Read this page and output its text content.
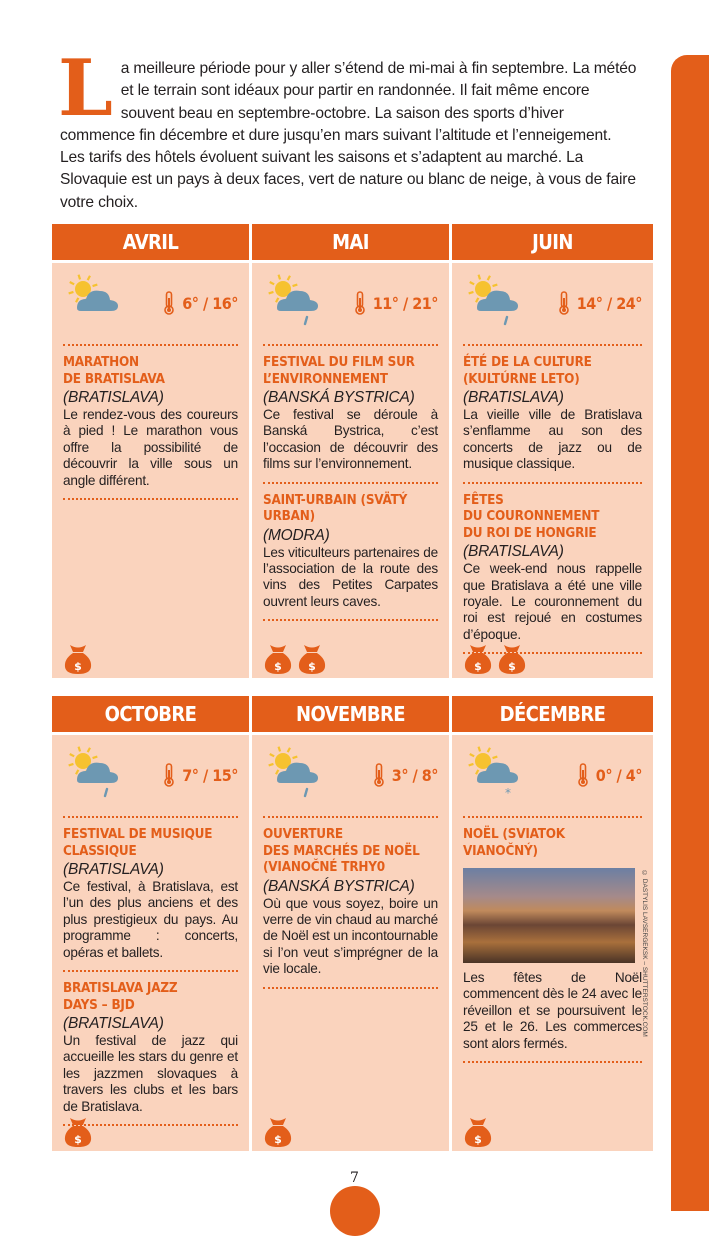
La meilleure période pour y aller s’étend de mi-mai à fin septembre. La météo et le terrain sont idéaux pour partir en randonnée. Il fait même encore souvent beau en septembre-octobre. La saison des sports d’hiver commence fin décembre et dure jusqu’en mars suivant l’altitude et l’enneigement. Les tarifs des hôtels évoluent suivant les saisons et s’adaptent au marché. La Slovaquie est un pays à deux faces, vert de nature ou blanc de neige, à vous de faire votre choix.

AVRIL
6° / 16°
MARATHON
DE BRATISLAVA
(BRATISLAVA)
Le rendez-vous des coureurs à pied ! Le marathon vous offre la possibilité de découvrir la ville sous un angle différent.
$
MAI
11° / 21°
FESTIVAL DU FILM SUR
L’ENVIRONNEMENT
(BANSKÁ BYSTRICA)
Ce festival se déroule à Banská Bystrica, c’est l’occasion de découvrir des films sur l’environnement.
SAINT-URBAIN (SVÄTÝ
URBAN)
(MODRA)
Les viticulteurs partenaires de l’association de la route des vins des Petites Carpates ouvrent leurs caves.
$ $
JUIN
14° / 24°
ÉTÉ DE LA CULTURE
(KULTÚRNE LETO)
(BRATISLAVA)
La vieille ville de Bratislava s’enflamme au son des concerts de jazz ou de musique classique.
FÊTES
DU COURONNEMENT
DU ROI DE HONGRIE
(BRATISLAVA)
Ce week-end nous rappelle que Bratislava a été une ville royale. Le couronnement du roi est rejoué en costumes d’époque.
$ $
OCTOBRE
7° / 15°
FESTIVAL DE MUSIQUE
CLASSIQUE
(BRATISLAVA)
Ce festival, à Bratislava, est l’un des plus anciens et des plus prestigieux du pays. Au programme : concerts, opéras et ballets.
BRATISLAVA JAZZ
DAYS – BJD
(BRATISLAVA)
Un festival de jazz qui accueille les stars du genre et les jazzmen slovaques à travers les clubs et les bars de Bratislava.
$
NOVEMBRE
3° / 8°
OUVERTURE
DES MARCHÉS DE NOËL
(VIANOČNÉ TRHY0
(BANSKÁ BYSTRICA)
Où que vous soyez, boire un verre de vin chaud au marché de Noël est un incontournable si l’on veut s’imprégner de la vie locale.
$
DÉCEMBRE
*
0° / 4°
NOËL (SVIATOK
VIANOČNÝ)
© DASTYLIS LAVSERGEKSK – SHUTTERSTOCK.COM
Les fêtes de Noël commencent dès le 24 avec le réveillon et se poursuivent le 25 et le 26. Les commerces sont alors fermés.
$
7
